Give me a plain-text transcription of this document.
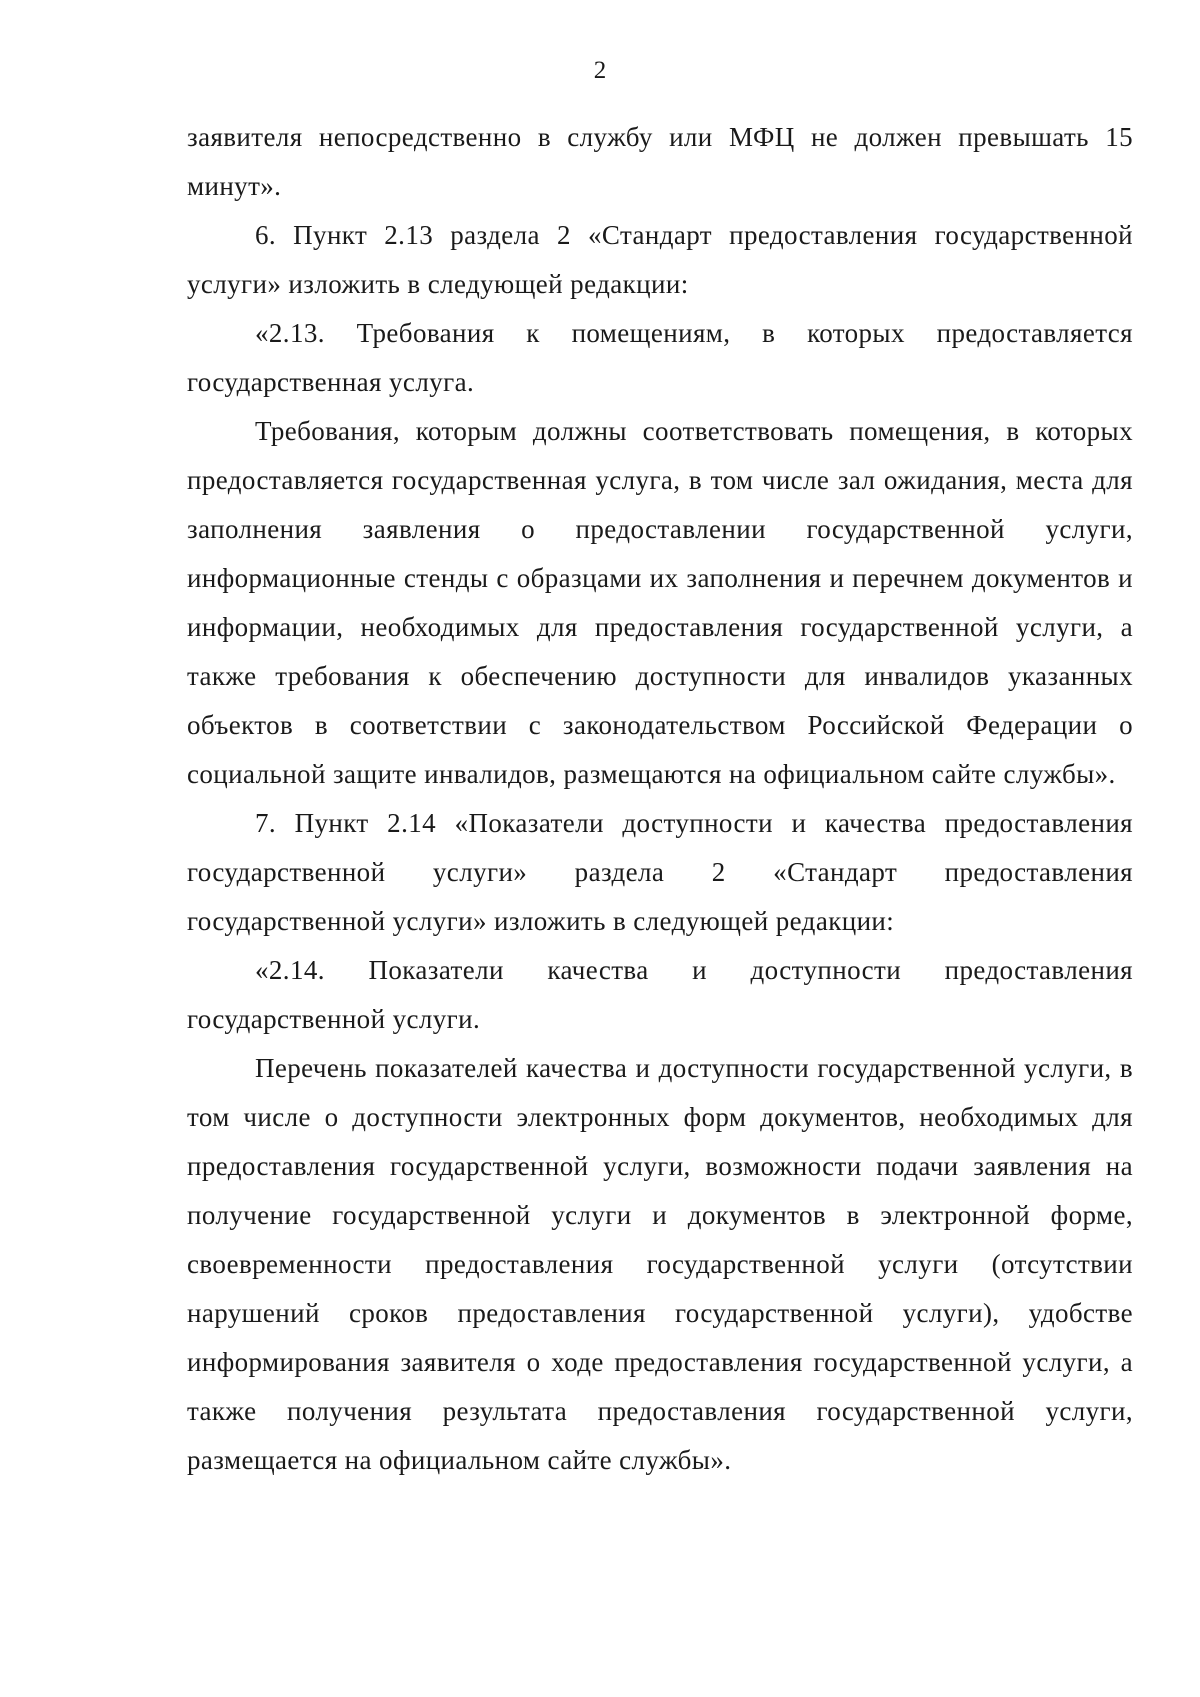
2

заявителя непосредственно в службу или МФЦ не должен превышать 15 минут».

6. Пункт 2.13 раздела 2 «Стандарт предоставления государственной услуги» изложить в следующей редакции:

«2.13. Требования к помещениям, в которых предоставляется государственная услуга.

Требования, которым должны соответствовать помещения, в которых предоставляется государственная услуга, в том числе зал ожидания, места для заполнения заявления о предоставлении государственной услуги, информационные стенды с образцами их заполнения и перечнем документов и информации, необходимых для предоставления государственной услуги, а также требования к обеспечению доступности для инвалидов указанных объектов в соответствии с законодательством Российской Федерации о социальной защите инвалидов, размещаются на официальном сайте службы».

7. Пункт 2.14 «Показатели доступности и качества предоставления государственной услуги» раздела 2 «Стандарт предоставления государственной услуги» изложить в следующей редакции:

«2.14. Показатели качества и доступности предоставления государственной услуги.

Перечень показателей качества и доступности государственной услуги, в том числе о доступности электронных форм документов, необходимых для предоставления государственной услуги, возможности подачи заявления на получение государственной услуги и документов в электронной форме, своевременности предоставления государственной услуги (отсутствии нарушений сроков предоставления государственной услуги), удобстве информирования заявителя о ходе предоставления государственной услуги, а также получения результата предоставления государственной услуги, размещается на официальном сайте службы».
